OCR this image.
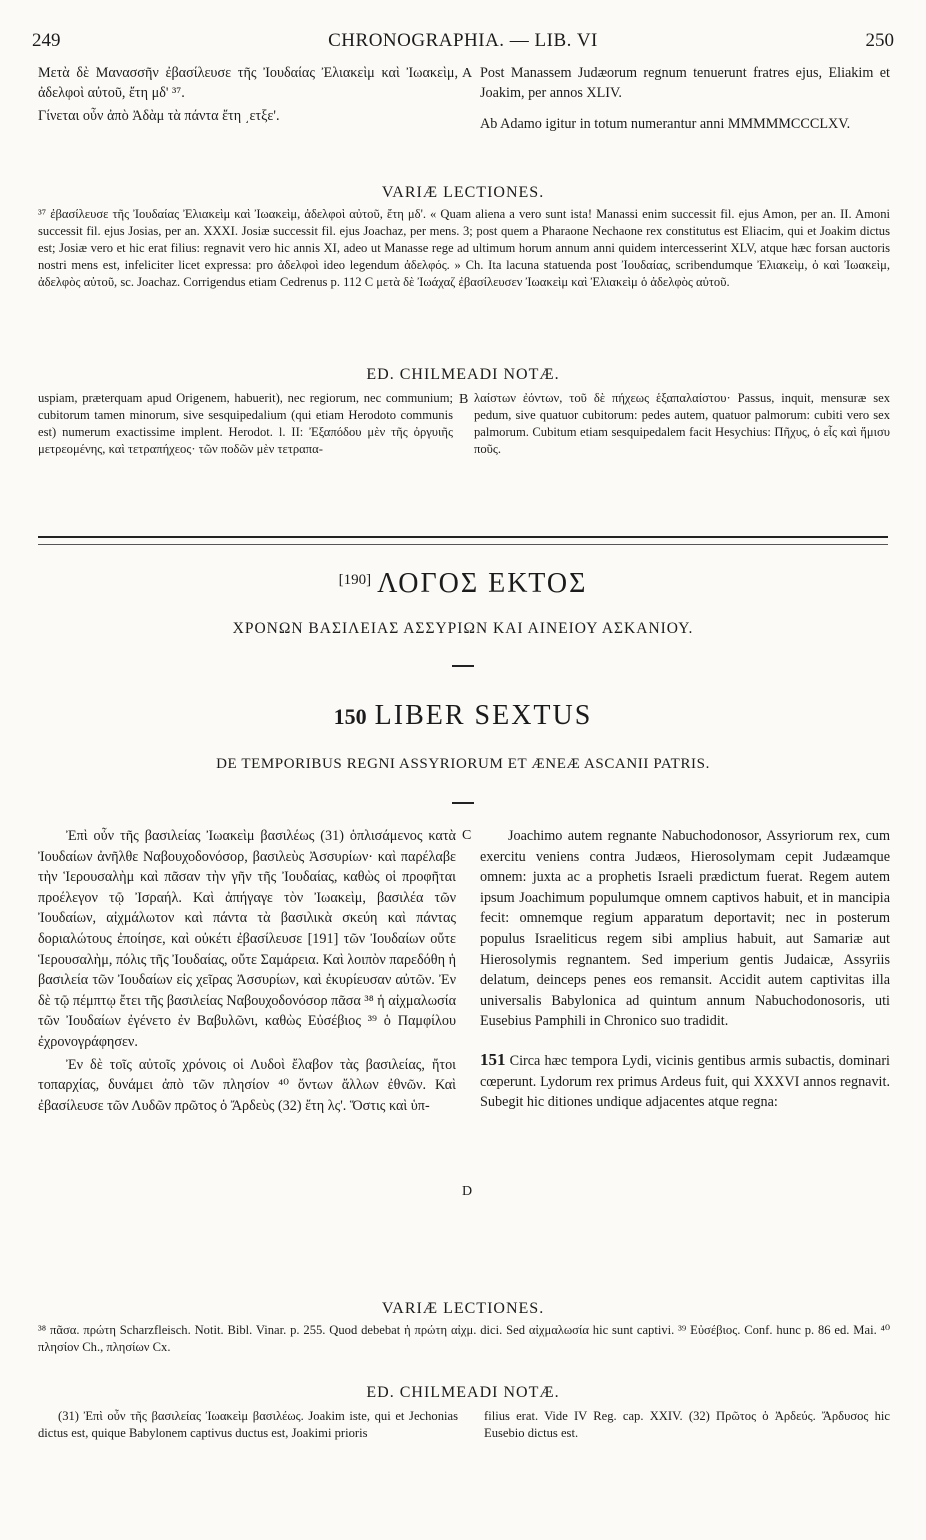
249	CHRONOGRAPHIA. — LIB. VI	250

Μετὰ δὲ Μανασσῆν ἐβασίλευσε τῆς Ἰουδαίας Ἐλιακεὶμ καὶ Ἰωακεὶμ, ἀδελφοὶ αὐτοῦ, ἔτη μδ' ³⁷.

Γίνεται οὖν ἀπὸ Ἀδὰμ τὰ πάντα ἔτη ͵ετξε'.

A Post Manassem Judæorum regnum tenuerunt fratres ejus, Eliakim et Joakim, per annos XLIV.

Ab Adamo igitur in totum numerantur anni MMMMMCCCLXV.

VARIÆ LECTIONES.

³⁷ ἐβασίλευσε τῆς Ἰουδαίας Ἐλιακεὶμ καὶ Ἰωακεὶμ, ἀδελφοὶ αὐτοῦ, ἔτη μδ'. « Quam aliena a vero sunt ista! Manassi enim successit fil. ejus Amon, per an. II. Amoni successit fil. ejus Josias, per an. XXXI. Josiæ successit fil. ejus Joachaz, per mens. 3; post quem a Pharaone Nechaone rex constitutus est Eliacim, qui et Joakim dictus est; Josiæ vero et hic erat filius: regnavit vero hic annis XI, adeo ut Manasse rege ad ultimum horum annum anni quidem intercesserint XLV, atque hæc forsan auctoris nostri mens est, infeliciter licet expressa: pro ἀδελφοὶ ideo legendum ἀδελφός. » Ch. Ita lacuna statuenda post Ἰουδαίας, scribendumque Ἐλιακεὶμ, ὁ καὶ Ἰωακεὶμ, ἀδελφὸς αὐτοῦ, sc. Joachaz. Corrigendus etiam Cedrenus p. 112 C μετὰ δὲ Ἰωάχαζ ἐβασίλευσεν Ἰωακεὶμ καὶ Ἐλιακεὶμ ὁ ἀδελφὸς αὐτοῦ.

ED. CHILMEADI NOTÆ.

uspiam, præterquam apud Origenem, habuerit), nec regiorum, nec communium; cubitorum tamen minorum, sive sesquipedalium (qui etiam Herodoto communis est) numerum exactissime implent. Herodot. l. II: Ἐξαπόδου μὲν τῆς ὀργυιῆς μετρεομένης, καὶ τετραπήχεος· τῶν ποδῶν μὲν τετραπα-

B λαίστων ἐόντων, τοῦ δὲ πήχεως ἑξαπαλαίστου· Passus, inquit, mensuræ sex pedum, sive quatuor cubitorum: pedes autem, quatuor palmorum: cubiti vero sex palmorum. Cubitum etiam sesquipedalem facit Hesychius: Πῆχυς, ὁ εἷς καὶ ἥμισυ ποῦς.

[190] ΛΟΓΟΣ ΕΚΤΟΣ
ΧΡΟΝΩΝ ΒΑΣΙΛΕΙΑΣ ΑΣΣΥΡΙΩΝ ΚΑΙ ΑΙΝΕΙΟΥ ΑΣΚΑΝΙΟΥ.
150 LIBER SEXTUS
DE TEMPORIBUS REGNI ASSYRIORUM ET ÆNEÆ ASCANII PATRIS.

Ἐπὶ οὖν τῆς βασιλείας Ἰωακεὶμ βασιλέως (31) ὁπλισάμενος κατὰ Ἰουδαίων ἀνῆλθε Ναβουχοδονόσορ, βασιλεὺς Ἀσσυρίων· καὶ παρέλαβε τὴν Ἱερουσαλὴμ καὶ πᾶσαν τὴν γῆν τῆς Ἰουδαίας, καθὼς οἱ προφῆται προέλεγον τῷ Ἰσραήλ. Καὶ ἀπήγαγε τὸν Ἰωακεὶμ, βασιλέα τῶν Ἰουδαίων, αἰχμάλωτον καὶ πάντα τὰ βασιλικὰ σκεύη καὶ πάντας δοριαλώτους ἐποίησε, καὶ οὐκέτι ἐβασίλευσε [191] τῶν Ἰουδαίων οὔτε Ἱερουσαλὴμ, πόλις τῆς Ἰουδαίας, οὔτε Σαμάρεια. Καὶ λοιπὸν παρεδόθη ἡ βασιλεία τῶν Ἰουδαίων εἰς χεῖρας Ἀσσυρίων, καὶ ἐκυρίευσαν αὐτῶν. Ἐν δὲ τῷ πέμπτῳ ἔτει τῆς βασιλείας Ναβουχοδονόσορ πᾶσα ³⁸ ἡ αἰχμαλωσία τῶν Ἰουδαίων ἐγένετο ἐν Βαβυλῶνι, καθὼς Εὐσέβιος ³⁹ ὁ Παμφίλου ἐχρονογράφησεν.

Ἐν δὲ τοῖς αὐτοῖς χρόνοις οἱ Λυδοὶ ἔλαβον τὰς βασιλείας, ἤτοι τοπαρχίας, δυνάμει ἀπὸ τῶν πλησίον ⁴⁰ ὄντων ἄλλων ἐθνῶν. Καὶ ἐβασίλευσε τῶν Λυδῶν πρῶτος ὁ Ἄρδεὺς (32) ἔτη λς'. Ὅστις καὶ ὑπ-

C
D

Joachimo autem regnante Nabuchodonosor, Assyriorum rex, cum exercitu veniens contra Judæos, Hierosolymam cepit Judæamque omnem: juxta ac a prophetis Israeli prædictum fuerat. Regem autem ipsum Joachimum populumque omnem captivos habuit, et in mancipia fecit: omnemque regium apparatum deportavit; nec in posterum populus Israeliticus regem sibi amplius habuit, aut Samariæ aut Hierosolymis regnantem. Sed imperium gentis Judaicæ, Assyriis delatum, deinceps penes eos remansit. Accidit autem captivitas illa universalis Babylonica ad quintum annum Nabuchodonosoris, uti Eusebius Pamphili in Chronico suo tradidit.

151 Circa hæc tempora Lydi, vicinis gentibus armis subactis, dominari cœperunt. Lydorum rex primus Ardeus fuit, qui XXXVI annos regnavit. Subegit hic ditiones undique adjacentes atque regna:

VARIÆ LECTIONES.

³⁸ πᾶσα. πρώτη Scharzfleisch. Notit. Bibl. Vinar. p. 255. Quod debebat ἡ πρώτη αἰχμ. dici. Sed αἰχμαλωσία hic sunt captivi. ³⁹ Εὐσέβιος. Conf. hunc p. 86 ed. Mai. ⁴⁰ πλησίον Ch., πλησίων Cx.

ED. CHILMEADI NOTÆ.

(31) Ἐπὶ οὖν τῆς βασιλείας Ἰωακεὶμ βασιλέως. Joakim iste, qui et Jechonias dictus est, quique Babylonem captivus ductus est, Joakimi prioris

filius erat. Vide IV Reg. cap. XXIV. (32) Πρῶτος ὁ Ἀρδεύς. Ἄρδυσος hic Eusebio dictus est.
